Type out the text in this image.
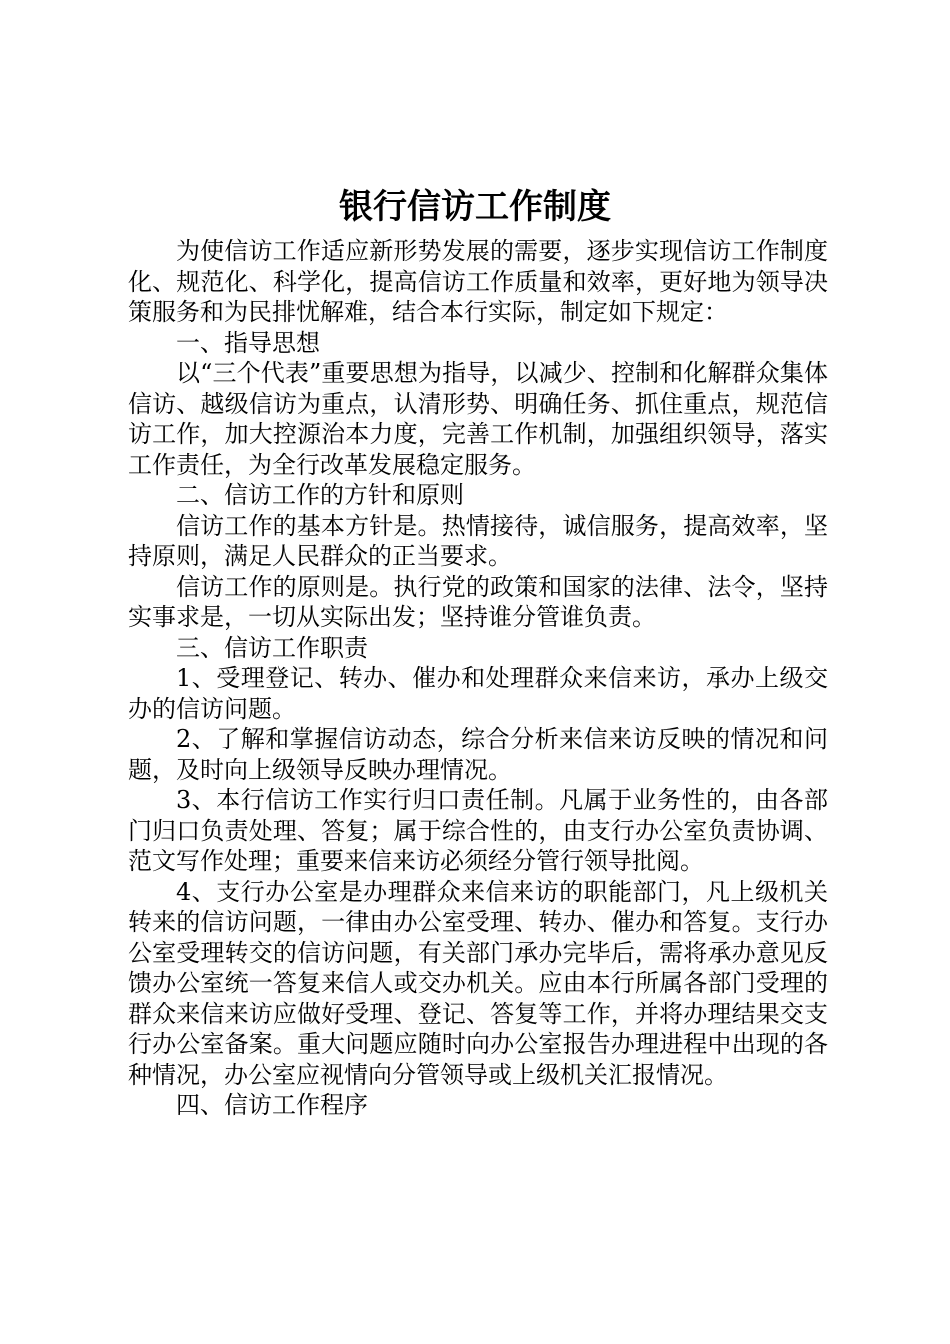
银行信访工作制度

为使信访工作适应新形势发展的需要，逐步实现信访工作制度化、规范化、科学化，提高信访工作质量和效率，更好地为领导决策服务和为民排忧解难，结合本行实际，制定如下规定：

一、指导思想

以“三个代表”重要思想为指导，以减少、控制和化解群众集体信访、越级信访为重点，认清形势、明确任务、抓住重点，规范信访工作，加大控源治本力度，完善工作机制，加强组织领导，落实工作责任，为全行改革发展稳定服务。

二、信访工作的方针和原则

信访工作的基本方针是。热情接待，诚信服务，提高效率，坚持原则，满足人民群众的正当要求。

信访工作的原则是。执行党的政策和国家的法律、法令，坚持实事求是，一切从实际出发；坚持谁分管谁负责。

三、信访工作职责

1、受理登记、转办、催办和处理群众来信来访，承办上级交办的信访问题。

2、了解和掌握信访动态，综合分析来信来访反映的情况和问题，及时向上级领导反映办理情况。

3、本行信访工作实行归口责任制。凡属于业务性的，由各部门归口负责处理、答复；属于综合性的，由支行办公室负责协调、范文写作处理；重要来信来访必须经分管行领导批阅。

4、支行办公室是办理群众来信来访的职能部门，凡上级机关转来的信访问题，一律由办公室受理、转办、催办和答复。支行办公室受理转交的信访问题，有关部门承办完毕后，需将承办意见反馈办公室统一答复来信人或交办机关。应由本行所属各部门受理的群众来信来访应做好受理、登记、答复等工作，并将办理结果交支行办公室备案。重大问题应随时向办公室报告办理进程中出现的各种情况，办公室应视情向分管领导或上级机关汇报情况。

四、信访工作程序
